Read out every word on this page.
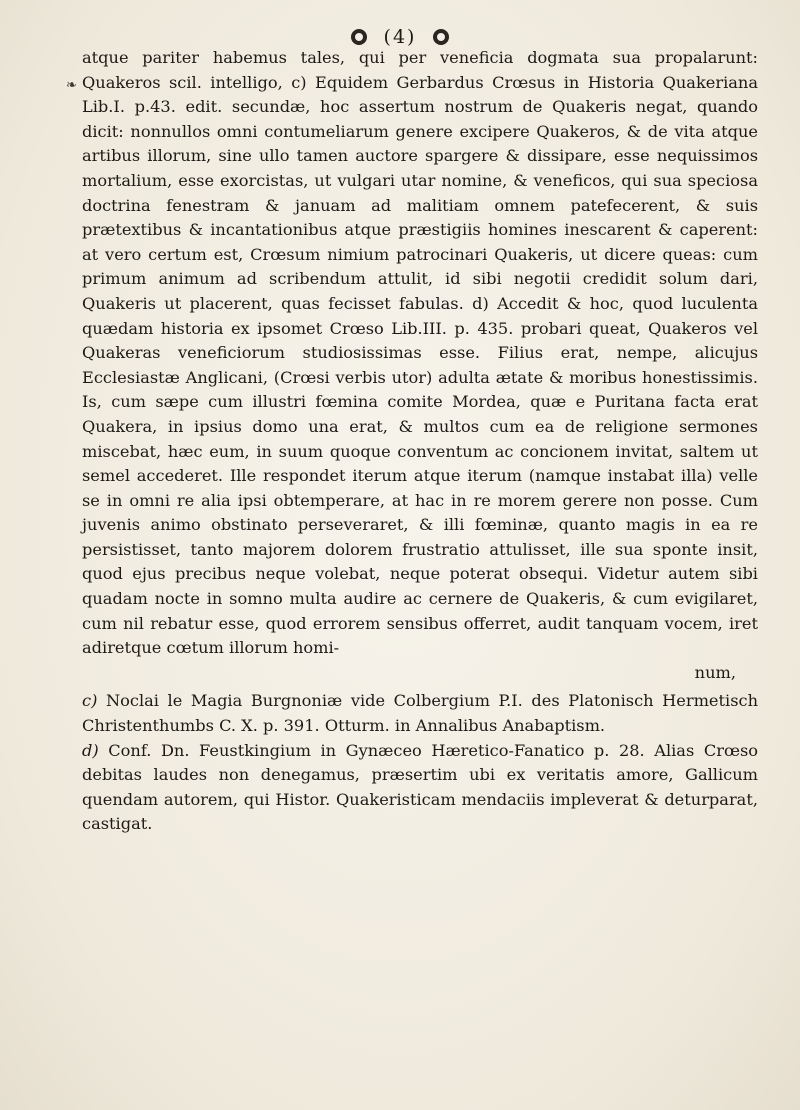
(4)
❧

atque pariter habemus tales, qui per veneficia dogmata sua propalarunt: Quakeros scil. intelligo, c) Equidem Gerbardus Crœsus in Historia Quakeriana Lib.I. p.43. edit. secundæ, hoc assertum nostrum de Quakeris negat, quando dicit: nonnullos omni contumeliarum genere excipere Quakeros, & de vita atque artibus illorum, sine ullo tamen auctore spargere & dissipare, esse nequissimos mortalium, esse exorcistas, ut vulgari utar nomine, & veneficos, qui sua speciosa doctrina fenestram & januam ad malitiam omnem patefecerent, & suis prætextibus & incantationibus atque præstigiis homines inescarent & caperent: at vero certum est, Crœsum nimium patrocinari Quakeris, ut dicere queas: cum primum animum ad scribendum attulit, id sibi negotii credidit solum dari, Quakeris ut placerent, quas fecisset fabulas. d) Accedit & hoc, quod luculenta quædam historia ex ipsomet Crœso Lib.III. p. 435. probari queat, Quakeros vel Quakeras veneficiorum studiosissimas esse. Filius erat, nempe, alicujus Ecclesiastæ Anglicani, (Crœsi verbis utor) adulta ætate & moribus honestissimis. Is, cum sæpe cum illustri fœmina comite Mordea, quæ e Puritana facta erat Quakera, in ipsius domo una erat, & multos cum ea de religione sermones miscebat, hæc eum, in suum quoque conventum ac concionem invitat, saltem ut semel accederet. Ille respondet iterum atque iterum (namque instabat illa) velle se in omni re alia ipsi obtemperare, at hac in re morem gerere non posse. Cum juvenis animo obstinato perseveraret, & illi fœminæ, quanto magis in ea re persistisset, tanto majorem dolorem frustratio attulisset, ille sua sponte insit, quod ejus precibus neque volebat, neque poterat obsequi. Videtur autem sibi quadam nocte in somno multa audire ac cernere de Quakeris, & cum evigilaret, cum nil rebatur esse, quod errorem sensibus offerret, audit tanquam vocem, iret adiretque cœtum illorum homi-

num,

c) Noclai le Magia Burgnoniæ vide Colbergium P.I. des Platonisch Hermetisch Christenthumbs C. X. p. 391. Otturm. in Annalibus Anabaptism.

d) Conf. Dn. Feustkingium in Gynæceo Hæretico-Fanatico p. 28. Alias Crœso debitas laudes non denegamus, præsertim ubi ex veritatis amore, Gallicum quendam autorem, qui Histor. Quakeristicam mendaciis impleverat & deturparat, castigat.
